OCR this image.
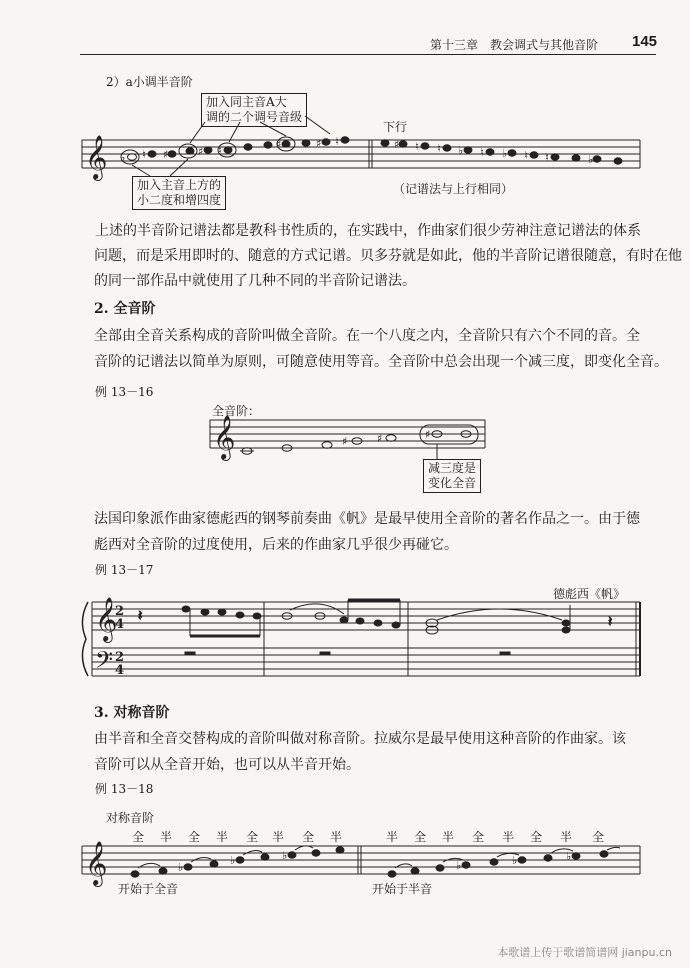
第十三章　教会调式与其他音阶 145
2）a小调半音阶
加入同主音A大
调的二个调号音级
加入主音上方的
小二度和增四度
下行
（记谱法与上行相同）
上述的半音阶记谱法都是教科书性质的，在实践中，作曲家们很少劳神注意记谱法的体系
问题，而是采用即时的、随意的方式记谱。贝多芬就是如此，他的半音阶记谱很随意，有时在他
的同一部作品中就使用了几种不同的半音阶记谱法。
2. 全音阶
全部由全音关系构成的音阶叫做全音阶。在一个八度之内，全音阶只有六个不同的音。全
音阶的记谱法以简单为原则，可随意使用等音。全音阶中总会出现一个减三度，即变化全音。
例 13－16
全音阶：
减三度是
变化全音
法国印象派作曲家德彪西的钢琴前奏曲《帆》是最早使用全音阶的著名作品之一。由于德
彪西对全音阶的过度使用，后来的作曲家几乎很少再碰它。
例 13－17
德彪西《帆》
3. 对称音阶
由半音和全音交替构成的音阶叫做对称音阶。拉威尔是最早使用这种音阶的作曲家。该
音阶可以从全音开始，也可以从半音开始。
例 13－18
对称音阶
开始于全音	开始于半音
全 半 全 半 全 半 全 半	半 全 半 全 半 全 半 全
𝄞
𝄞
𝄞
𝄢
𝄞
2
4
2
4
♭ ♮ ♯	♯ ♮	♯	♯ ♮	♯ ♮ ♮ ♭ ♮ ♭ ♮ ♮	♭
♯	♯	♯
𝄽	𝄽
♭
♭	♭
♭	♭	♭
本歌谱上传于歌谱简谱网 jianpu.cn
